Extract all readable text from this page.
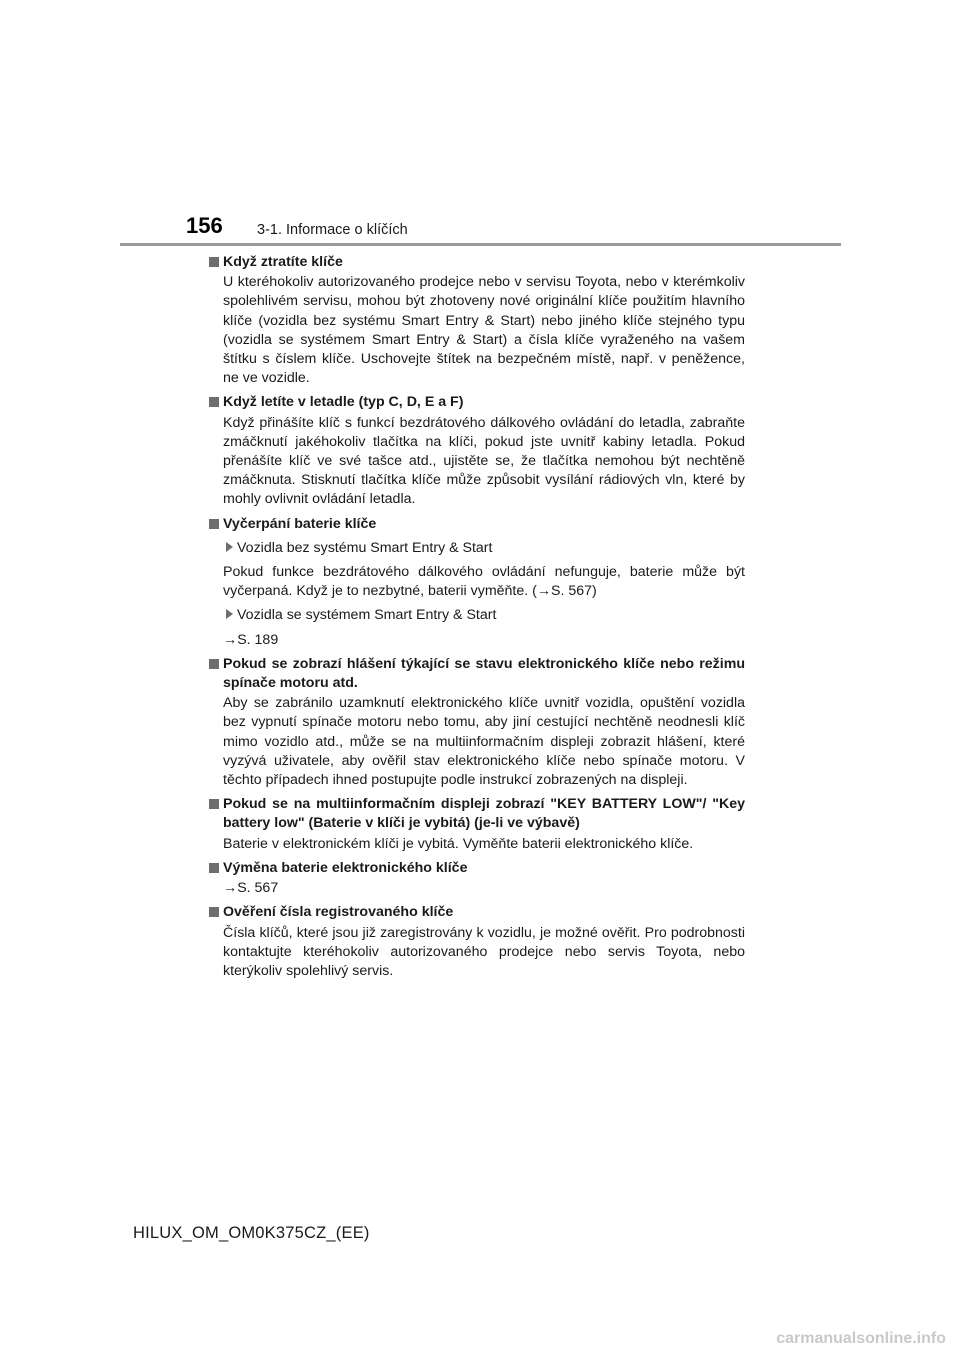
156 3-1. Informace o klíčích
Když ztratíte klíče
U kteréhokoliv autorizovaného prodejce nebo v servisu Toyota, nebo v kterémkoliv spolehlivém servisu, mohou být zhotoveny nové originální klíče použitím hlavního klíče (vozidla bez systému Smart Entry & Start) nebo jiného klíče stejného typu (vozidla se systémem Smart Entry & Start) a čísla klíče vyraženého na vašem štítku s číslem klíče. Uschovejte štítek na bezpečném místě, např. v peněžence, ne ve vozidle.
Když letíte v letadle (typ C, D, E a F)
Když přinášíte klíč s funkcí bezdrátového dálkového ovládání do letadla, zabraňte zmáčknutí jakéhokoliv tlačítka na klíči, pokud jste uvnitř kabiny letadla. Pokud přenášíte klíč ve své tašce atd., ujistěte se, že tlačítka nemohou být nechtěně zmáčknuta. Stisknutí tlačítka klíče může způsobit vysílání rádiových vln, které by mohly ovlivnit ovládání letadla.
Vyčerpání baterie klíče
Vozidla bez systému Smart Entry & Start
Pokud funkce bezdrátového dálkového ovládání nefunguje, baterie může být vyčerpaná. Když je to nezbytné, baterii vyměňte. (→S. 567)
Vozidla se systémem Smart Entry & Start
→S. 189
Pokud se zobrazí hlášení týkající se stavu elektronického klíče nebo režimu spínače motoru atd.
Aby se zabránilo uzamknutí elektronického klíče uvnitř vozidla, opuštění vozidla bez vypnutí spínače motoru nebo tomu, aby jiní cestující nechtěně neodnesli klíč mimo vozidlo atd., může se na multiinformačním displeji zobrazit hlášení, které vyzývá uživatele, aby ověřil stav elektronického klíče nebo spínače motoru. V těchto případech ihned postupujte podle instrukcí zobrazených na displeji.
Pokud se na multiinformačním displeji zobrazí "KEY BATTERY LOW"/ "Key battery low" (Baterie v klíči je vybitá) (je-li ve výbavě)
Baterie v elektronickém klíči je vybitá. Vyměňte baterii elektronického klíče.
Výměna baterie elektronického klíče
→S. 567
Ověření čísla registrovaného klíče
Čísla klíčů, které jsou již zaregistrovány k vozidlu, je možné ověřit. Pro podrobnosti kontaktujte kteréhokoliv autorizovaného prodejce nebo servis Toyota, nebo kterýkoliv spolehlivý servis.
HILUX_OM_OM0K375CZ_(EE)
carmanualsonline.info
